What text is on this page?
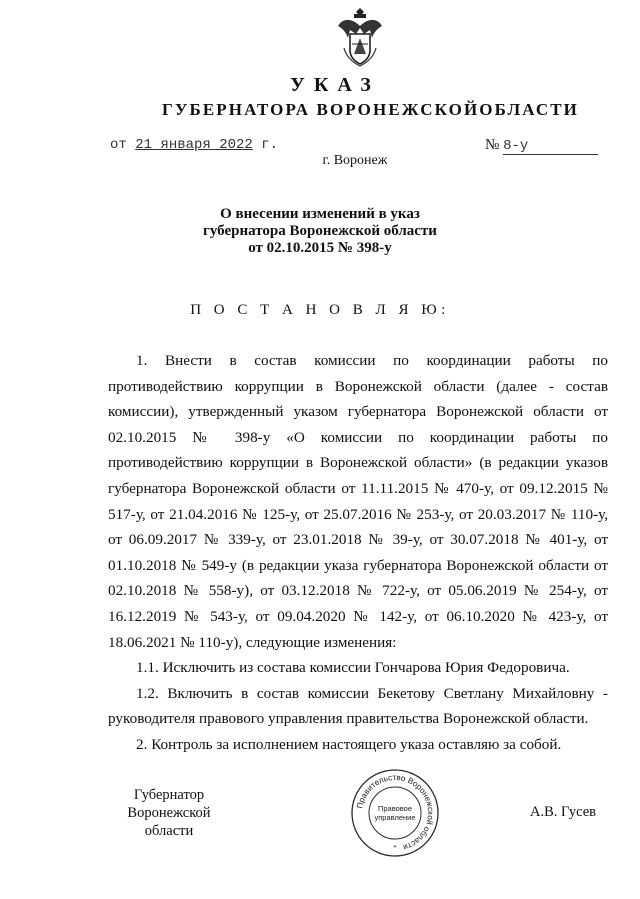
УКАЗ
ГУБЕРНАТОРА ВОРОНЕЖСКОЙОБЛАСТИ
от 21 января 2022 г.	№ 8-у
г. Воронеж
О внесении изменений в указ
губернатора Воронежской области
от 02.10.2015 № 398-у
П О С Т А Н О В Л Я Ю:

1. Внести в состав комиссии по координации работы по противодействию коррупции в Воронежской области (далее - состав комиссии), утвержденный указом губернатора Воронежской области от 02.10.2015 № 398-у «О комиссии по координации работы по противодействию коррупции в Воронежской области» (в редакции указов губернатора Воронежской области от 11.11.2015 № 470-у, от 09.12.2015 № 517-у, от 21.04.2016 № 125-у, от 25.07.2016 № 253-у, от 20.03.2017 № 110-у, от 06.09.2017 № 339-у, от 23.01.2018 № 39-у, от 30.07.2018 № 401-у, от 01.10.2018 № 549-у (в редакции указа губернатора Воронежской области от 02.10.2018 № 558-у), от 03.12.2018 № 722-у, от 05.06.2019 № 254-у, от 16.12.2019 № 543-у, от 09.04.2020 № 142-у, от 06.10.2020 № 423-у, от 18.06.2021 № 110-у), следующие изменения:

1.1. Исключить из состава комиссии Гончарова Юрия Федоровича.

1.2. Включить в состав комиссии Бекетову Светлану Михайловну - руководителя правового управления правительства Воронежской области.

2. Контроль за исполнением настоящего указа оставляю за собой.

Губернатор
Воронежской области
Правительство Воронежской области
*
Правовое
управление	А.В. Гусев
